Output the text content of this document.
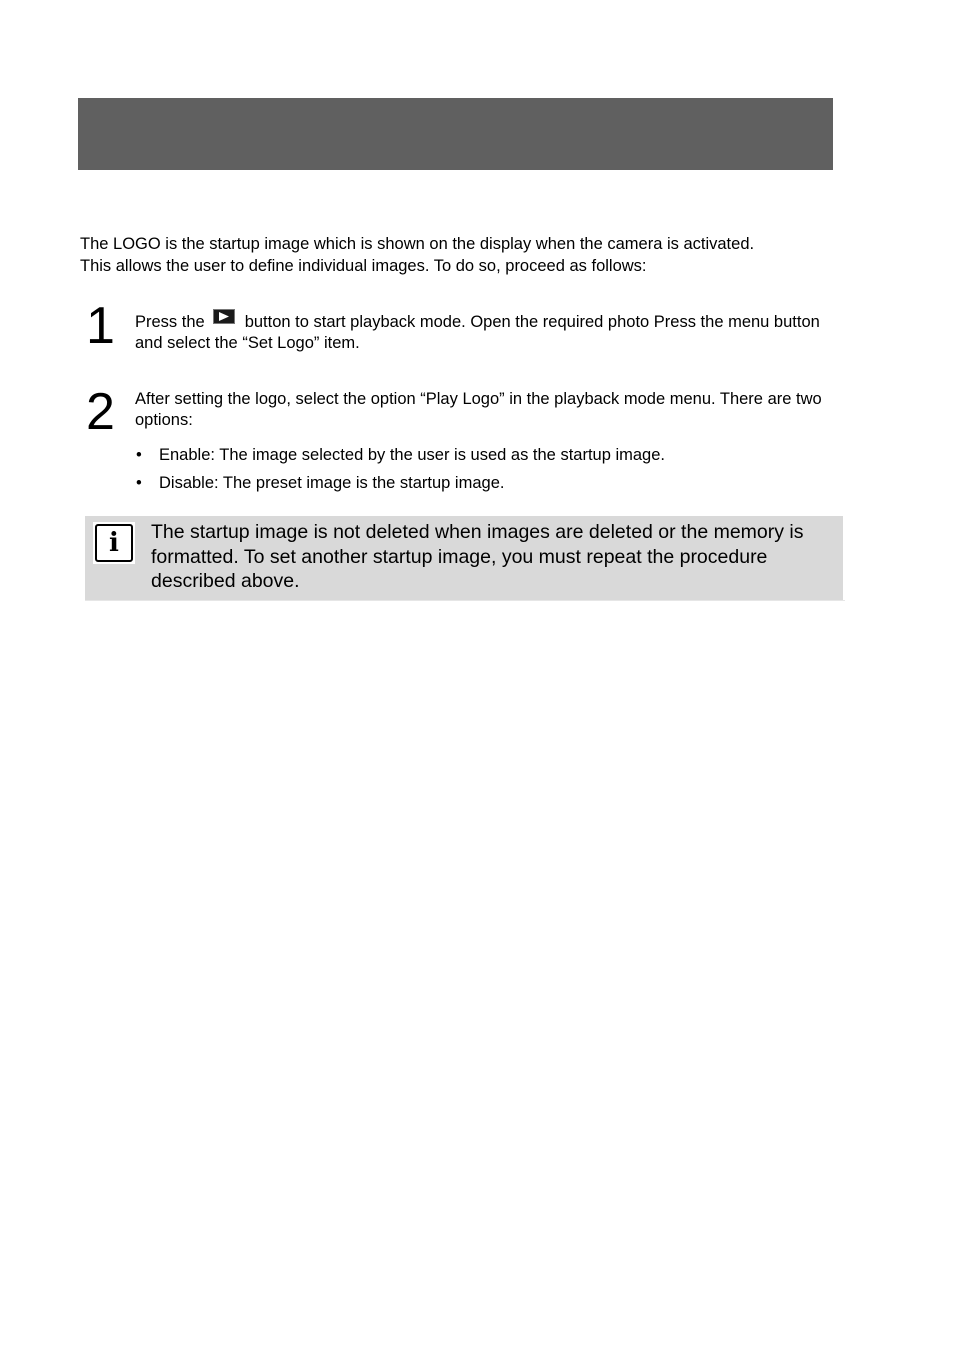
The LOGO is the startup image which is shown on the display when the camera is activated.

This allows the user to define individual images. To do so, proceed as follows:

1 Press the button to start playback mode. Open the required photo Press the menu button and select the “Set Logo” item.
2 After setting the logo, select the option “Play Logo” in the playback mode menu. There are two options:
• Enable: The image selected by the user is used as the startup image.
• Disable: The preset image is the startup image.
i	The startup image is not deleted when images are deleted or the memory is formatted. To set another startup image, you must repeat the procedure described above.
